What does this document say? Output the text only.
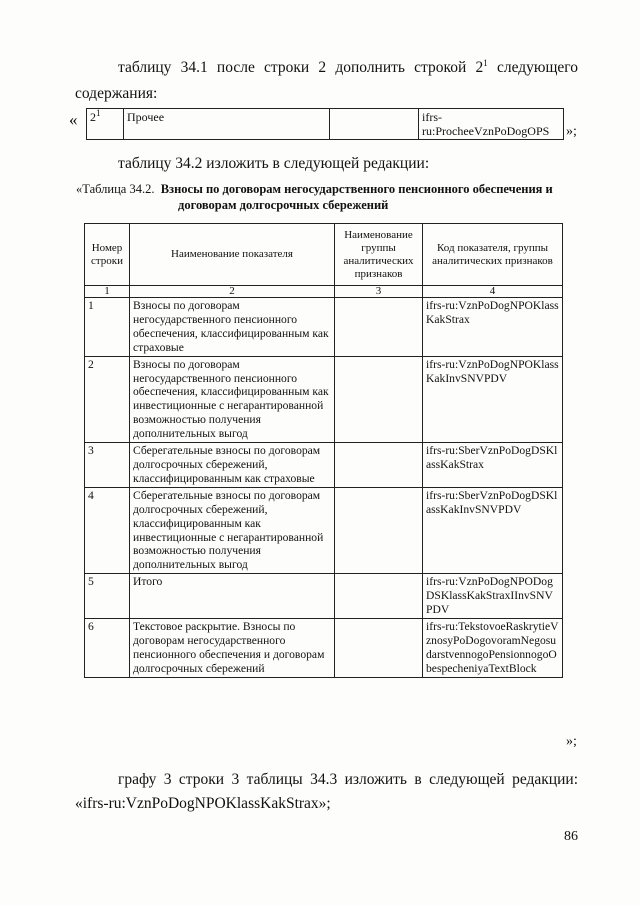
таблицу 34.1 после строки 2 дополнить строкой $2^1$ следующего
содержания:
« $2^1$	Прочее		ifrs-
ru:ProcheeVznPoDogOPS	»;
таблицу 34.2 изложить в следующей редакции:
«Таблица 34.2. Взносы по договорам негосударственного пенсионного обеспечения и
договорам долгосрочных сбережений
Номер строки	Наименование показателя	Наименование группы аналитических признаков	Код показателя, группы аналитических признаков
1	2	3	4
1	Взносы по договорам негосударственного пенсионного обеспечения, классифицированным как страховые		ifrs-ru:VznPoDogNPOKlassKakStrax
2	Взносы по договорам негосударственного пенсионного обеспечения, классифицированным как инвестиционные с негарантированной возможностью получения дополнительных выгод		ifrs-ru:VznPoDogNPOKlassKakInvSNVPDV
3	Сберегательные взносы по договорам долгосрочных сбережений, классифицированным как страховые		ifrs-ru:SberVznPoDogDSKlassKakStrax
4	Сберегательные взносы по договорам долгосрочных сбережений, классифицированным как инвестиционные с негарантированной возможностью получения дополнительных выгод		ifrs-ru:SberVznPoDogDSKlassKakInvSNVPDV
5	Итого		ifrs-ru:VznPoDogNPODogDSKlassKakStraxIInvSNVPDV
6	Текстовое раскрытие. Взносы по договорам негосударственного пенсионного обеспечения и договорам долгосрочных сбережений		ifrs-ru:TekstovoeRaskrytieVznosyPoDogovoramNegosudarstvennogoPensionnogoObespecheniyaTextBlock
»;
графу 3 строки 3 таблицы 34.3 изложить в следующей редакции:
«ifrs-ru:VznPoDogNPOKlassKakStrax»;
86
